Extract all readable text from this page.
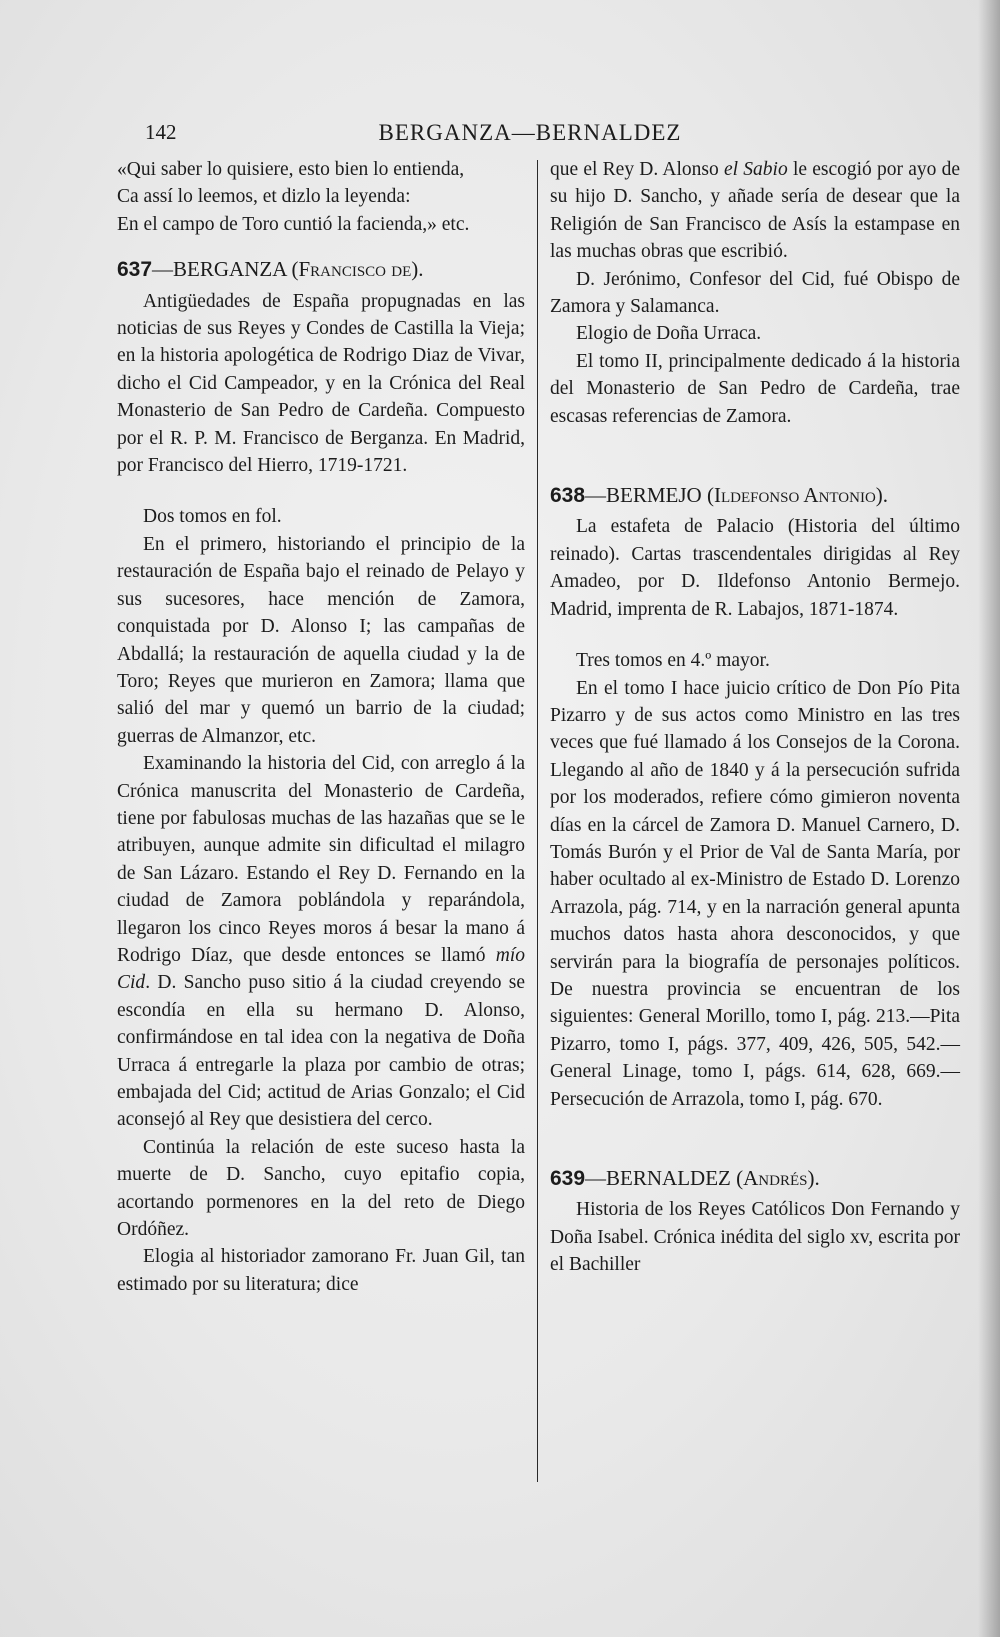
142	BERGANZA—BERNALDEZ

«Qui saber lo quisiere, esto bien lo entienda,

Ca assí lo leemos, et dizlo la leyenda:

En el campo de Toro cuntió la facienda,» etc.

637—BERGANZA (Francisco de).

Antigüedades de España propugnadas en las noticias de sus Reyes y Condes de Castilla la Vieja; en la historia apologética de Rodrigo Diaz de Vivar, dicho el Cid Campeador, y en la Crónica del Real Monasterio de San Pedro de Cardeña. Compuesto por el R. P. M. Francisco de Berganza. En Madrid, por Francisco del Hierro, 1719-1721.

Dos tomos en fol.

En el primero, historiando el principio de la restauración de España bajo el reinado de Pelayo y sus sucesores, hace mención de Zamora, conquistada por D. Alonso I; las campañas de Abdallá; la restauración de aquella ciudad y la de Toro; Reyes que murieron en Zamora; llama que salió del mar y quemó un barrio de la ciudad; guerras de Almanzor, etc.

Examinando la historia del Cid, con arreglo á la Crónica manuscrita del Monasterio de Cardeña, tiene por fabulosas muchas de las hazañas que se le atribuyen, aunque admite sin dificultad el milagro de San Lázaro. Estando el Rey D. Fernando en la ciudad de Zamora poblándola y reparándola, llegaron los cinco Reyes moros á besar la mano á Rodrigo Díaz, que desde entonces se llamó mío Cid. D. Sancho puso sitio á la ciudad creyendo se escondía en ella su hermano D. Alonso, confirmándose en tal idea con la negativa de Doña Urraca á entregarle la plaza por cambio de otras; embajada del Cid; actitud de Arias Gonzalo; el Cid aconsejó al Rey que desistiera del cerco.

Continúa la relación de este suceso hasta la muerte de D. Sancho, cuyo epitafio copia, acortando pormenores en la del reto de Diego Ordóñez.

Elogia al historiador zamorano Fr. Juan Gil, tan estimado por su literatura; dice

que el Rey D. Alonso el Sabio le escogió por ayo de su hijo D. Sancho, y añade sería de desear que la Religión de San Francisco de Asís la estampase en las muchas obras que escribió.

D. Jerónimo, Confesor del Cid, fué Obispo de Zamora y Salamanca.

Elogio de Doña Urraca.

El tomo II, principalmente dedicado á la historia del Monasterio de San Pedro de Cardeña, trae escasas referencias de Zamora.

638—BERMEJO (Ildefonso Antonio).

La estafeta de Palacio (Historia del último reinado). Cartas trascendentales dirigidas al Rey Amadeo, por D. Ildefonso Antonio Bermejo. Madrid, imprenta de R. Labajos, 1871-1874.

Tres tomos en 4.º mayor.

En el tomo I hace juicio crítico de Don Pío Pita Pizarro y de sus actos como Ministro en las tres veces que fué llamado á los Consejos de la Corona. Llegando al año de 1840 y á la persecución sufrida por los moderados, refiere cómo gimieron noventa días en la cárcel de Zamora D. Manuel Carnero, D. Tomás Burón y el Prior de Val de Santa María, por haber ocultado al ex-Ministro de Estado D. Lorenzo Arrazola, pág. 714, y en la narración general apunta muchos datos hasta ahora desconocidos, y que servirán para la biografía de personajes políticos. De nuestra provincia se encuentran de los siguientes: General Morillo, tomo I, pág. 213.—Pita Pizarro, tomo I, págs. 377, 409, 426, 505, 542.—General Linage, tomo I, págs. 614, 628, 669.—Persecución de Arrazola, tomo I, pág. 670.

639—BERNALDEZ (Andrés).

Historia de los Reyes Católicos Don Fernando y Doña Isabel. Crónica inédita del siglo xv, escrita por el Bachiller
